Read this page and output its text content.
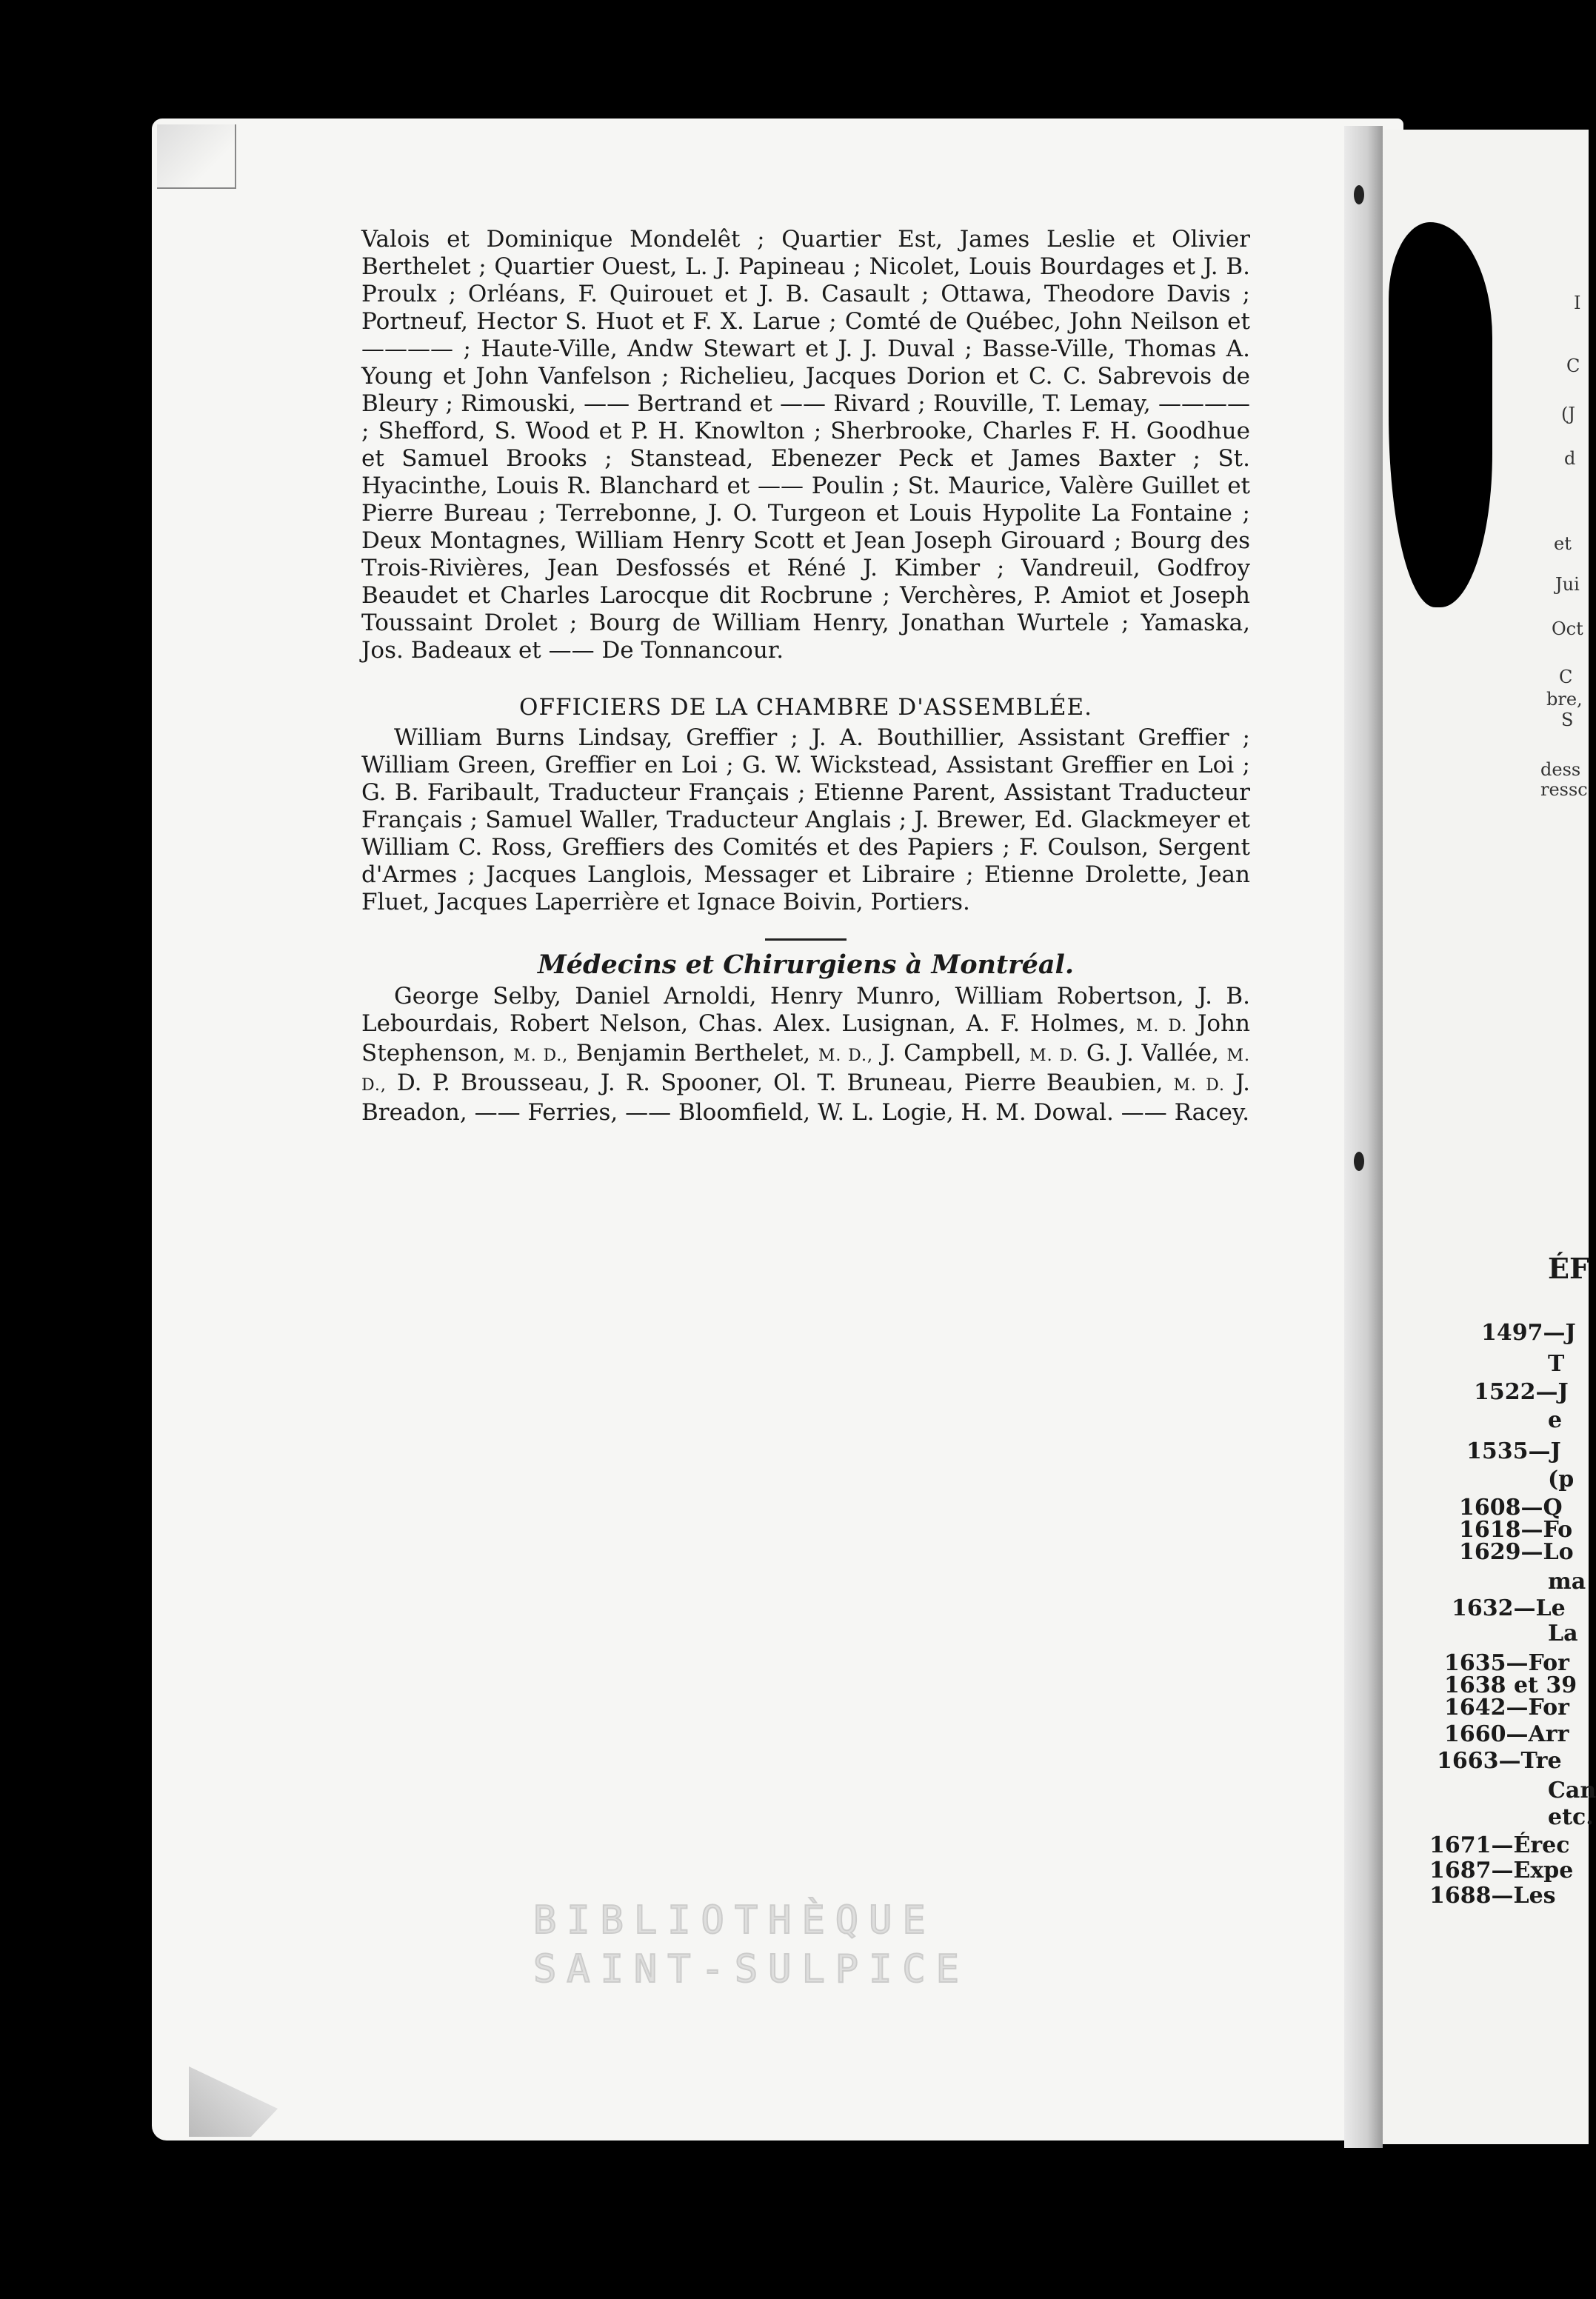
Valois et Dominique Mondelêt ; Quartier Est, James Leslie et Olivier Berthelet ; Quartier Ouest, L. J. Papineau ; Nicolet, Louis Bourdages et J. B. Proulx ; Orléans, F. Quirouet et J. B. Casault ; Ottawa, Theodore Davis ; Portneuf, Hector S. Huot et F. X. Larue ; Comté de Québec, John Neilson et ———— ; Haute-Ville, Andw Stewart et J. J. Duval ; Basse-Ville, Thomas A. Young et John Vanfelson ; Richelieu, Jacques Dorion et C. C. Sabrevois de Bleury ; Rimouski, —— Bertrand et —— Rivard ; Rouville, T. Lemay, ———— ; Shefford, S. Wood et P. H. Knowlton ; Sherbrooke, Charles F. H. Goodhue et Samuel Brooks ; Stanstead, Ebenezer Peck et James Baxter ; St. Hyacinthe, Louis R. Blanchard et —— Poulin ; St. Maurice, Valère Guillet et Pierre Bureau ; Terrebonne, J. O. Turgeon et Louis Hypolite La Fontaine ; Deux Montagnes, William Henry Scott et Jean Joseph Girouard ; Bourg des Trois-Rivières, Jean Desfossés et Réné J. Kimber ; Vandreuil, Godfroy Beaudet et Charles Larocque dit Rocbrune ; Verchères, P. Amiot et Joseph Toussaint Drolet ; Bourg de William Henry, Jonathan Wurtele ; Yamaska, Jos. Badeaux et —— De Tonnancour.

OFFICIERS DE LA CHAMBRE D'ASSEMBLÉE.

William Burns Lindsay, Greffier ; J. A. Bouthillier, Assistant Greffier ; William Green, Greffier en Loi ; G. W. Wickstead, Assistant Greffier en Loi ; G. B. Faribault, Traducteur Français ; Etienne Parent, Assistant Traducteur Français ; Samuel Waller, Traducteur Anglais ; J. Brewer, Ed. Glackmeyer et William C. Ross, Greffiers des Comités et des Papiers ; F. Coulson, Sergent d'Armes ; Jacques Langlois, Messager et Libraire ; Etienne Drolette, Jean Fluet, Jacques Laperrière et Ignace Boivin, Portiers.

Médecins et Chirurgiens à Montréal.

George Selby, Daniel Arnoldi, Henry Munro, William Robertson, J. B. Lebourdais, Robert Nelson, Chas. Alex. Lusignan, A. F. Holmes, M. D. John Stephenson, M. D., Benjamin Berthelet, M. D., J. Campbell, M. D. G. J. Vallée, M. D., D. P. Brousseau, J. R. Spooner, Ol. T. Bruneau, Pierre Beaubien, M. D. J. Breadon, —— Ferries, —— Bloomfield, W. L. Logie, H. M. Dowal. —— Racey.

BIBLIOTHÈQUE
SAINT-SULPICE
I
C
(J
d
et
Jui
Oct
C
bre,
S
dess
ressc
ÉF
1497—J
T
1522—J
e
1535—J
(p
1608—Q
1618—Fo
1629—Lo
ma
1632—Le
La
1635—For
1638 et 39
1642—For
1660—Arr
1663—Tre
Can
etc.
1671—Érec
1687—Expe
1688—Les
